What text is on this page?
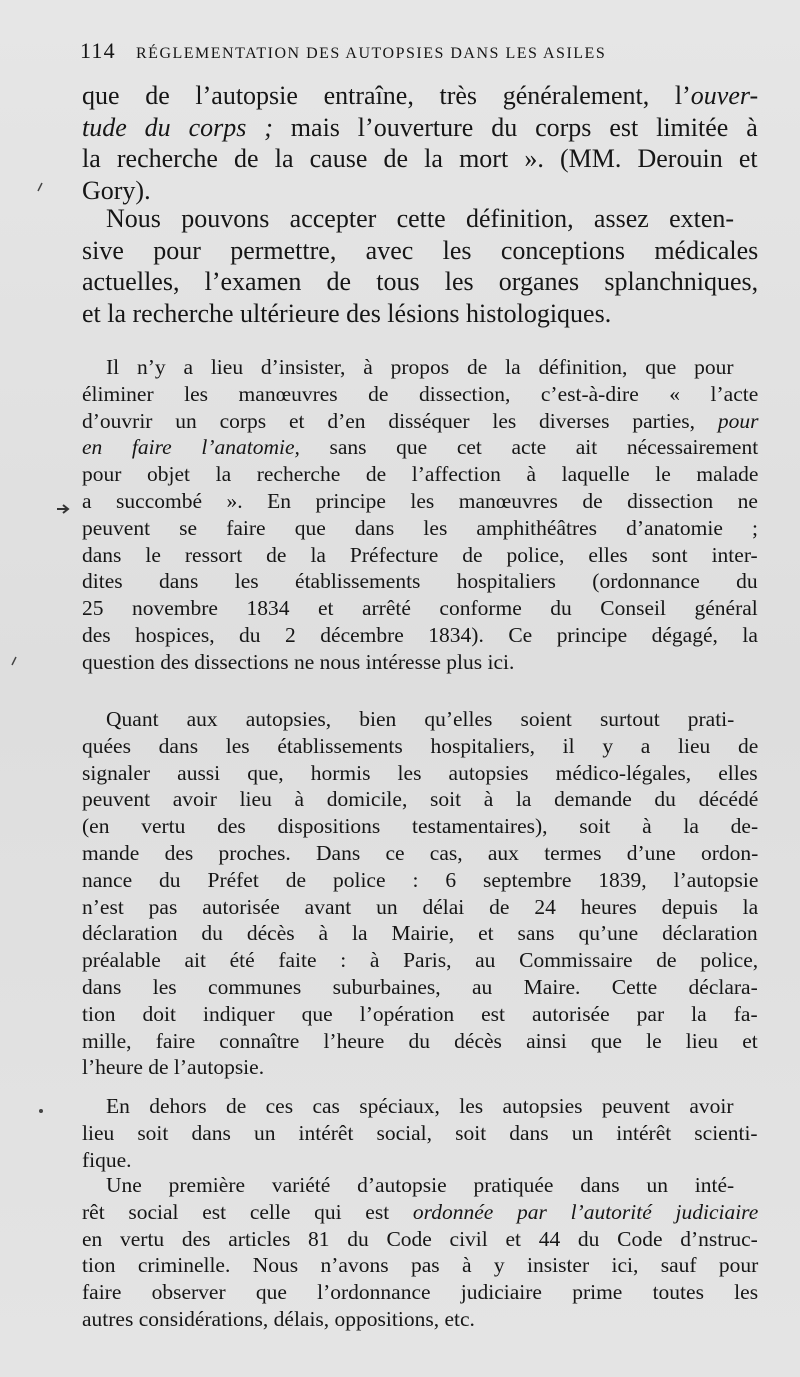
114 RÉGLEMENTATION DES AUTOPSIES DANS LES ASILES
que de l’autopsie entraîne, très généralement, l’ouver-
tude du corps ; mais l’ouverture du corps est limitée à
la recherche de la cause de la mort ». (MM. Derouin et
Gory).
Nous pouvons accepter cette définition, assez exten-
sive pour permettre, avec les conceptions médicales
actuelles, l’examen de tous les organes splanchniques,
et la recherche ultérieure des lésions histologiques.
Il n’y a lieu d’insister, à propos de la définition, que pour
éliminer les manœuvres de dissection, c’est-à-dire « l’acte
d’ouvrir un corps et d’en disséquer les diverses parties, pour
en faire l’anatomie, sans que cet acte ait nécessairement
pour objet la recherche de l’affection à laquelle le malade
a succombé ». En principe les manœuvres de dissection ne
peuvent se faire que dans les amphithéâtres d’anatomie ;
dans le ressort de la Préfecture de police, elles sont inter-
dites dans les établissements hospitaliers (ordonnance du
25 novembre 1834 et arrêté conforme du Conseil général
des hospices, du 2 décembre 1834). Ce principe dégagé, la
question des dissections ne nous intéresse plus ici.
Quant aux autopsies, bien qu’elles soient surtout prati-
quées dans les établissements hospitaliers, il y a lieu de
signaler aussi que, hormis les autopsies médico-légales, elles
peuvent avoir lieu à domicile, soit à la demande du décédé
(en vertu des dispositions testamentaires), soit à la de-
mande des proches. Dans ce cas, aux termes d’une ordon-
nance du Préfet de police : 6 septembre 1839, l’autopsie
n’est pas autorisée avant un délai de 24 heures depuis la
déclaration du décès à la Mairie, et sans qu’une déclaration
préalable ait été faite : à Paris, au Commissaire de police,
dans les communes suburbaines, au Maire. Cette déclara-
tion doit indiquer que l’opération est autorisée par la fa-
mille, faire connaître l’heure du décès ainsi que le lieu et
l’heure de l’autopsie.
En dehors de ces cas spéciaux, les autopsies peuvent avoir
lieu soit dans un intérêt social, soit dans un intérêt scienti-
fique.
Une première variété d’autopsie pratiquée dans un inté-
rêt social est celle qui est ordonnée par l’autorité judiciaire
en vertu des articles 81 du Code civil et 44 du Code d’nstruc-
tion criminelle. Nous n’avons pas à y insister ici, sauf pour
faire observer que l’ordonnance judiciaire prime toutes les
autres considérations, délais, oppositions, etc.
